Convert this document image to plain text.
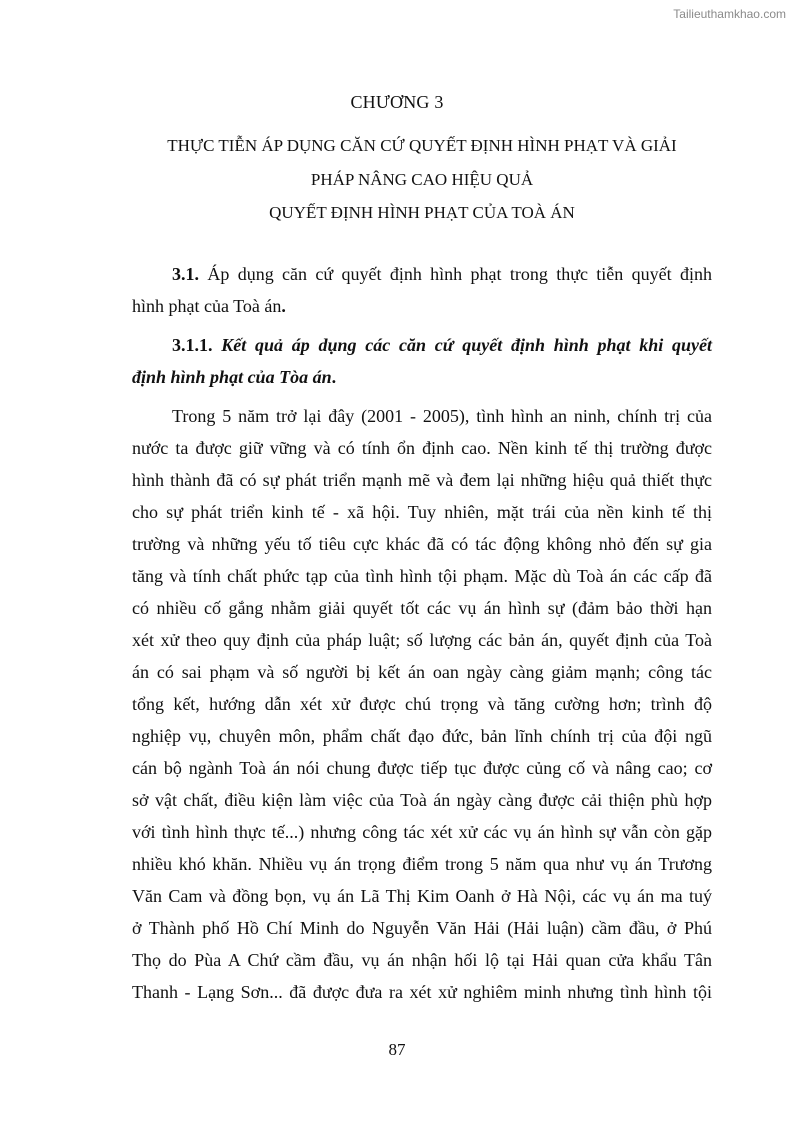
Tailieuthamkhao.com
CHƯƠNG 3
THỰC TIỄN ÁP DỤNG CĂN CỨ QUYẾT ĐỊNH HÌNH PHẠT VÀ GIẢI
PHÁP NÂNG CAO HIỆU QUẢ
QUYẾT ĐỊNH HÌNH PHẠT CỦA TOÀ ÁN
3.1. Áp dụng căn cứ quyết định hình phạt trong thực tiễn quyết định
hình phạt của Toà án.
3.1.1. Kết quả áp dụng các căn cứ quyết định hình phạt khi quyết
định hình phạt của Tòa án.
Trong 5 năm trở lại đây (2001 - 2005), tình hình an ninh, chính trị của
nước ta được giữ vững và có tính ổn định cao. Nền kinh tế thị trường được
hình thành đã có sự phát triển mạnh mẽ và đem lại những hiệu quả thiết thực
cho sự phát triển kinh tế - xã hội. Tuy nhiên, mặt trái của nền kinh tế thị
trường và những yếu tố tiêu cực khác đã có tác động không nhỏ đến sự gia
tăng và tính chất phức tạp của tình hình tội phạm. Mặc dù Toà án các cấp đã
có nhiều cố gắng nhằm giải quyết tốt các vụ án hình sự (đảm bảo thời hạn
xét xử theo quy định của pháp luật; số lượng các bản án, quyết định của Toà
án có sai phạm và số người bị kết án oan ngày càng giảm mạnh; công tác
tổng kết, hướng dẫn xét xử được chú trọng và tăng cường hơn; trình độ
nghiệp vụ, chuyên môn, phẩm chất đạo đức, bản lĩnh chính trị của đội ngũ
cán bộ ngành Toà án nói chung được tiếp tục được củng cố và nâng cao; cơ
sở vật chất, điều kiện làm việc của Toà án ngày càng được cải thiện phù hợp
với tình hình thực tế...) nhưng công tác xét xử các vụ án hình sự vẫn còn gặp
nhiều khó khăn. Nhiều vụ án trọng điểm trong 5 năm qua như vụ án Trương
Văn Cam và đồng bọn, vụ án Lã Thị Kim Oanh ở Hà Nội, các vụ án ma tuý
ở Thành phố Hồ Chí Minh do Nguyễn Văn Hải (Hải luận) cầm đầu, ở Phú
Thọ do Pùa A Chứ cầm đầu, vụ án nhận hối lộ tại Hải quan cửa khẩu Tân
Thanh - Lạng Sơn... đã được đưa ra xét xử nghiêm minh nhưng tình hình tội
87
